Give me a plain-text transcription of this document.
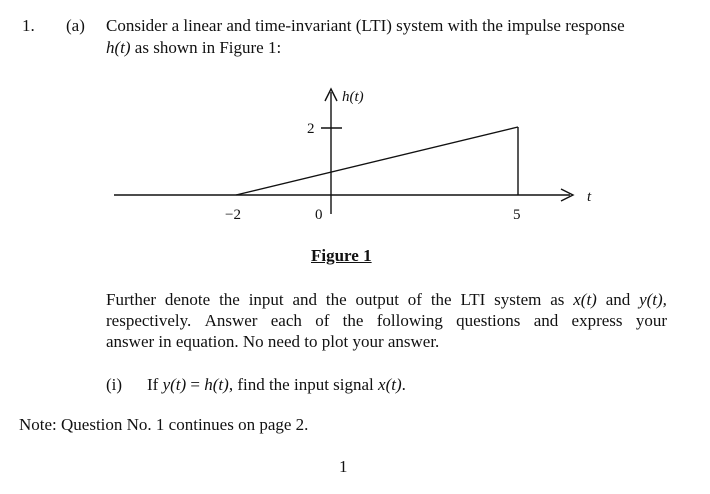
1. (a) Consider a linear and time-invariant (LTI) system with the impulse response
h(t) as shown in Figure 1:
h(t)
t
2
−2	0	5
Figure 1
Further denote the input and the output of the LTI system as x(t) and y(t),
respectively. Answer each of the following questions and express your
answer in equation. No need to plot your answer.
(i) If y(t) = h(t), find the input signal x(t).
Note: Question No. 1 continues on page 2.
1
